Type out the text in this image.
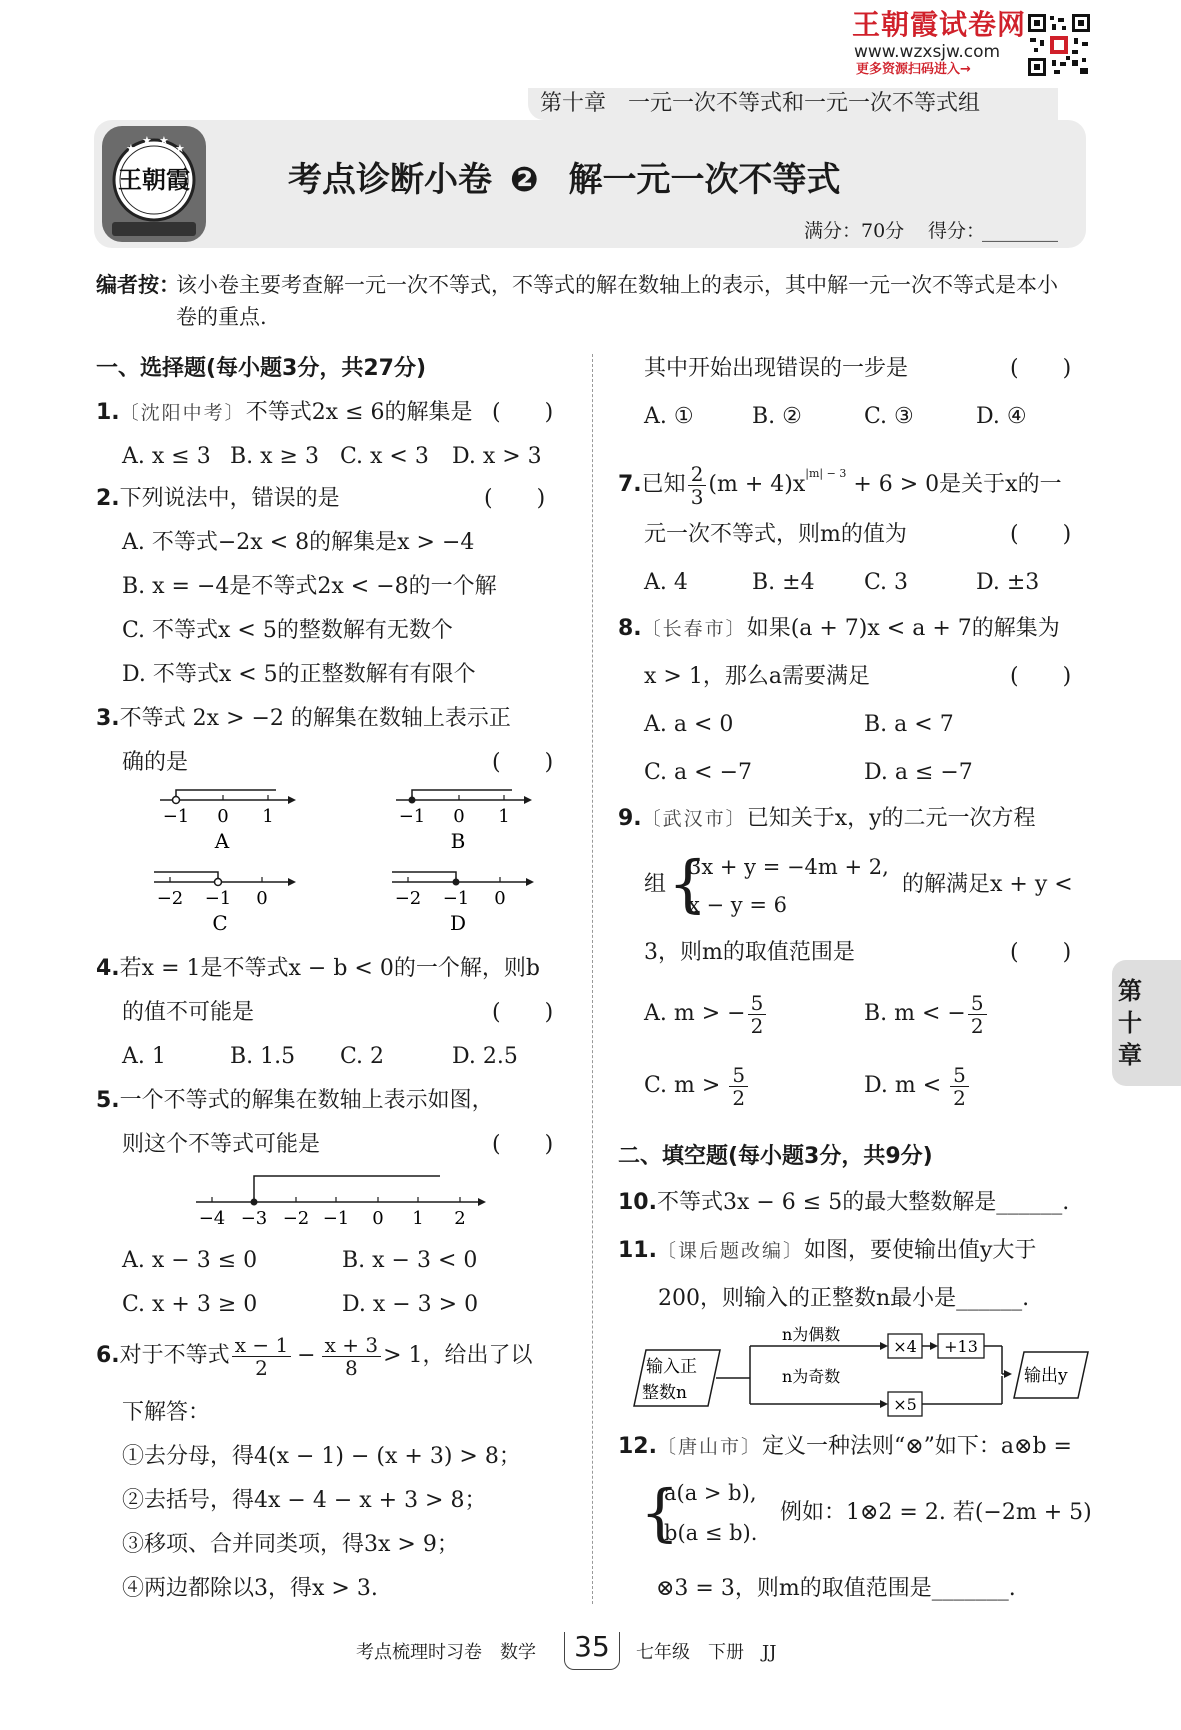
王朝霞试卷网
www.wzxsjw.com
更多资源扫码进入→
第十章　一元一次不等式和一元一次不等式组
★
★ ★
★
王朝霞	考点诊断小卷 ❷ 解一元一次不等式
满分：70分 得分：
________
编者按：
该小卷主要考查解一元一次不等式，不等式的解在数轴上的表示，其中解一元一次不等式是本小
卷的重点.
一、选择题(每小题3分，共27分)
1.〔沈阳中考〕不等式2x ≤ 6的解集是 (　　)
A. x ≤ 3 B. x ≥ 3 C. x < 3 D. x > 3
2.下列说法中，错误的是	(　　)
A. 不等式−2x < 8的解集是x > −4
B. x = −4是不等式2x < −8的一个解
C. 不等式x < 5的整数解有无数个
D. 不等式x < 5的正整数解有有限个
3.不等式 2x > −2 的解集在数轴上表示正
确的是	(　　)
−1 0 1
A
−1 0 1
B
−2 −1 0
C
−2 −1 0
D
4.若x = 1是不等式x − b < 0的一个解，则b
的值不可能是	(　　)
A. 1	B. 1.5 C. 2	D. 2.5
5.一个不等式的解集在数轴上表示如图，
则这个不等式可能是	(　　)
−4 −3 −2 −1 0 1 2
A. x − 3 ≤ 0	B. x − 3 < 0
C. x + 3 ≥ 0	D. x − 3 > 0
6.对于不等式 $\frac{x - 1}{2} - \frac{x + 3}{8} > 1$，给出了以
下解答：
①去分母，得4(x − 1) − (x + 3) > 8；
②去括号，得4x − 4 − x + 3 > 8；
③移项、合并同类项，得3x > 9；
④两边都除以3，得x > 3.
其中开始出现错误的一步是	(　　)
A. ①	B. ②	C. ③	D. ④
7.已知 $\frac{2}{3} (m + 4)x^{|m| - 3} + 6 > 0$是关于x的一
元一次不等式，则m的值为	(　　)
A. 4	B. ±4 C. 3	D. ±3
8.〔长春市〕如果(a + 7)x < a + 7的解集为
x > 1，那么a需要满足	(　　)
A. a < 0	B. a < 7
C. a < −7	D. a ≤ −7
9.〔武汉市〕已知关于x，y的二元一次方程
组 {
3x + y = −4m + 2,
x − y = 6
的解满足x + y <
3，则m的取值范围是	(　　)
A. m > − $\frac{5}{2}$	B. m < − $\frac{5}{2}$
C. $m > \frac{5}{2}$	D. $m < \frac{5}{2}$
二、填空题(每小题3分，共9分)
10.不等式3x − 6 ≤ 5的最大整数解是______.
11.〔课后题改编〕如图，要使输出值y大于
200，则输入的正整数n最小是______.
输入正
整数n
n为偶数
n为奇数
×4 +13
×5
输出y
12.〔唐山市〕定义一种法则“⊗”如下：a⊗b =
{
a(a > b),
b(a ≤ b).
例如：1⊗2 = 2. 若(−2m + 5)
⊗3 = 3，则m的取值范围是_______.
第
十
章
考点梳理时习卷　数学 35	七年级　下册　JJ
